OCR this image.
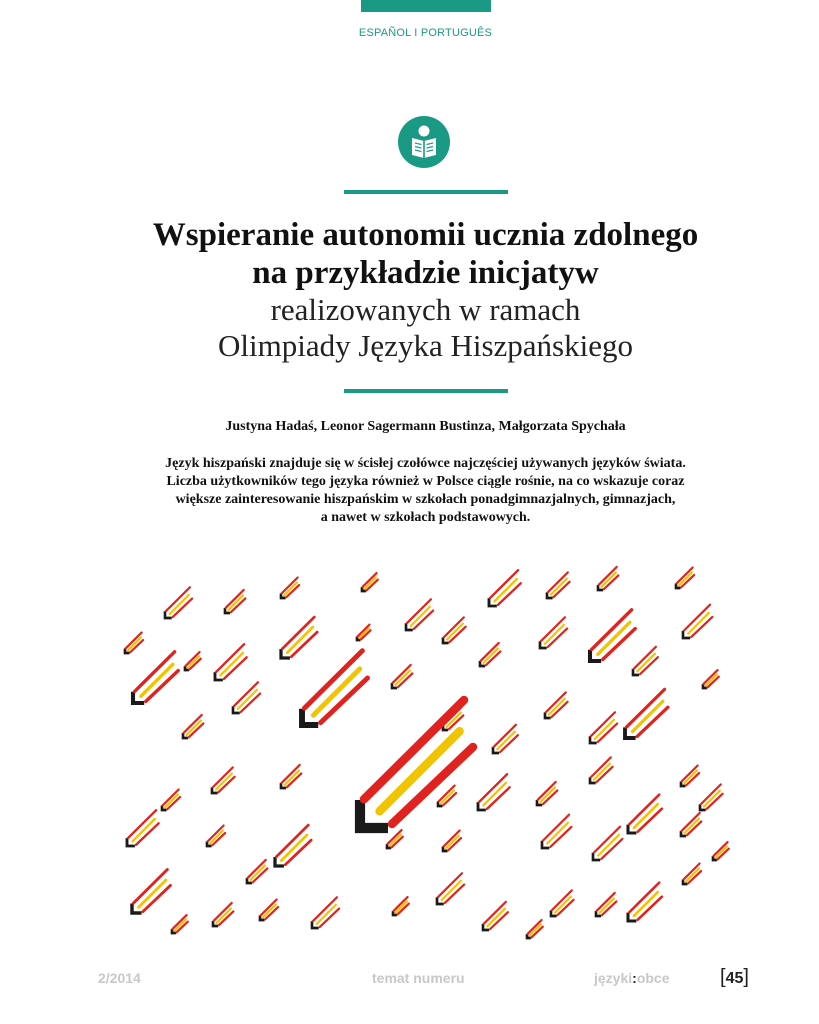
ESPAÑOL I PORTUGUÊS
Wspieranie autonomii ucznia zdolnego
na przykładzie inicjatyw
realizowanych w ramach
Olimpiady Języka Hiszpańskiego
Justyna Hadaś, Leonor Sagermann Bustinza, Małgorzata Spychała
Język hiszpański znajduje się w ścisłej czołówce najczęściej używanych języków świata.
Liczba użytkowników tego języka również w Polsce ciągle rośnie, na co wskazuje coraz
większe zainteresowanie hiszpańskim w szkołach ponadgimnazjalnych, gimnazjach,
a nawet w szkołach podstawowych.
2/2014	temat numeru	języki:obce	[45]
